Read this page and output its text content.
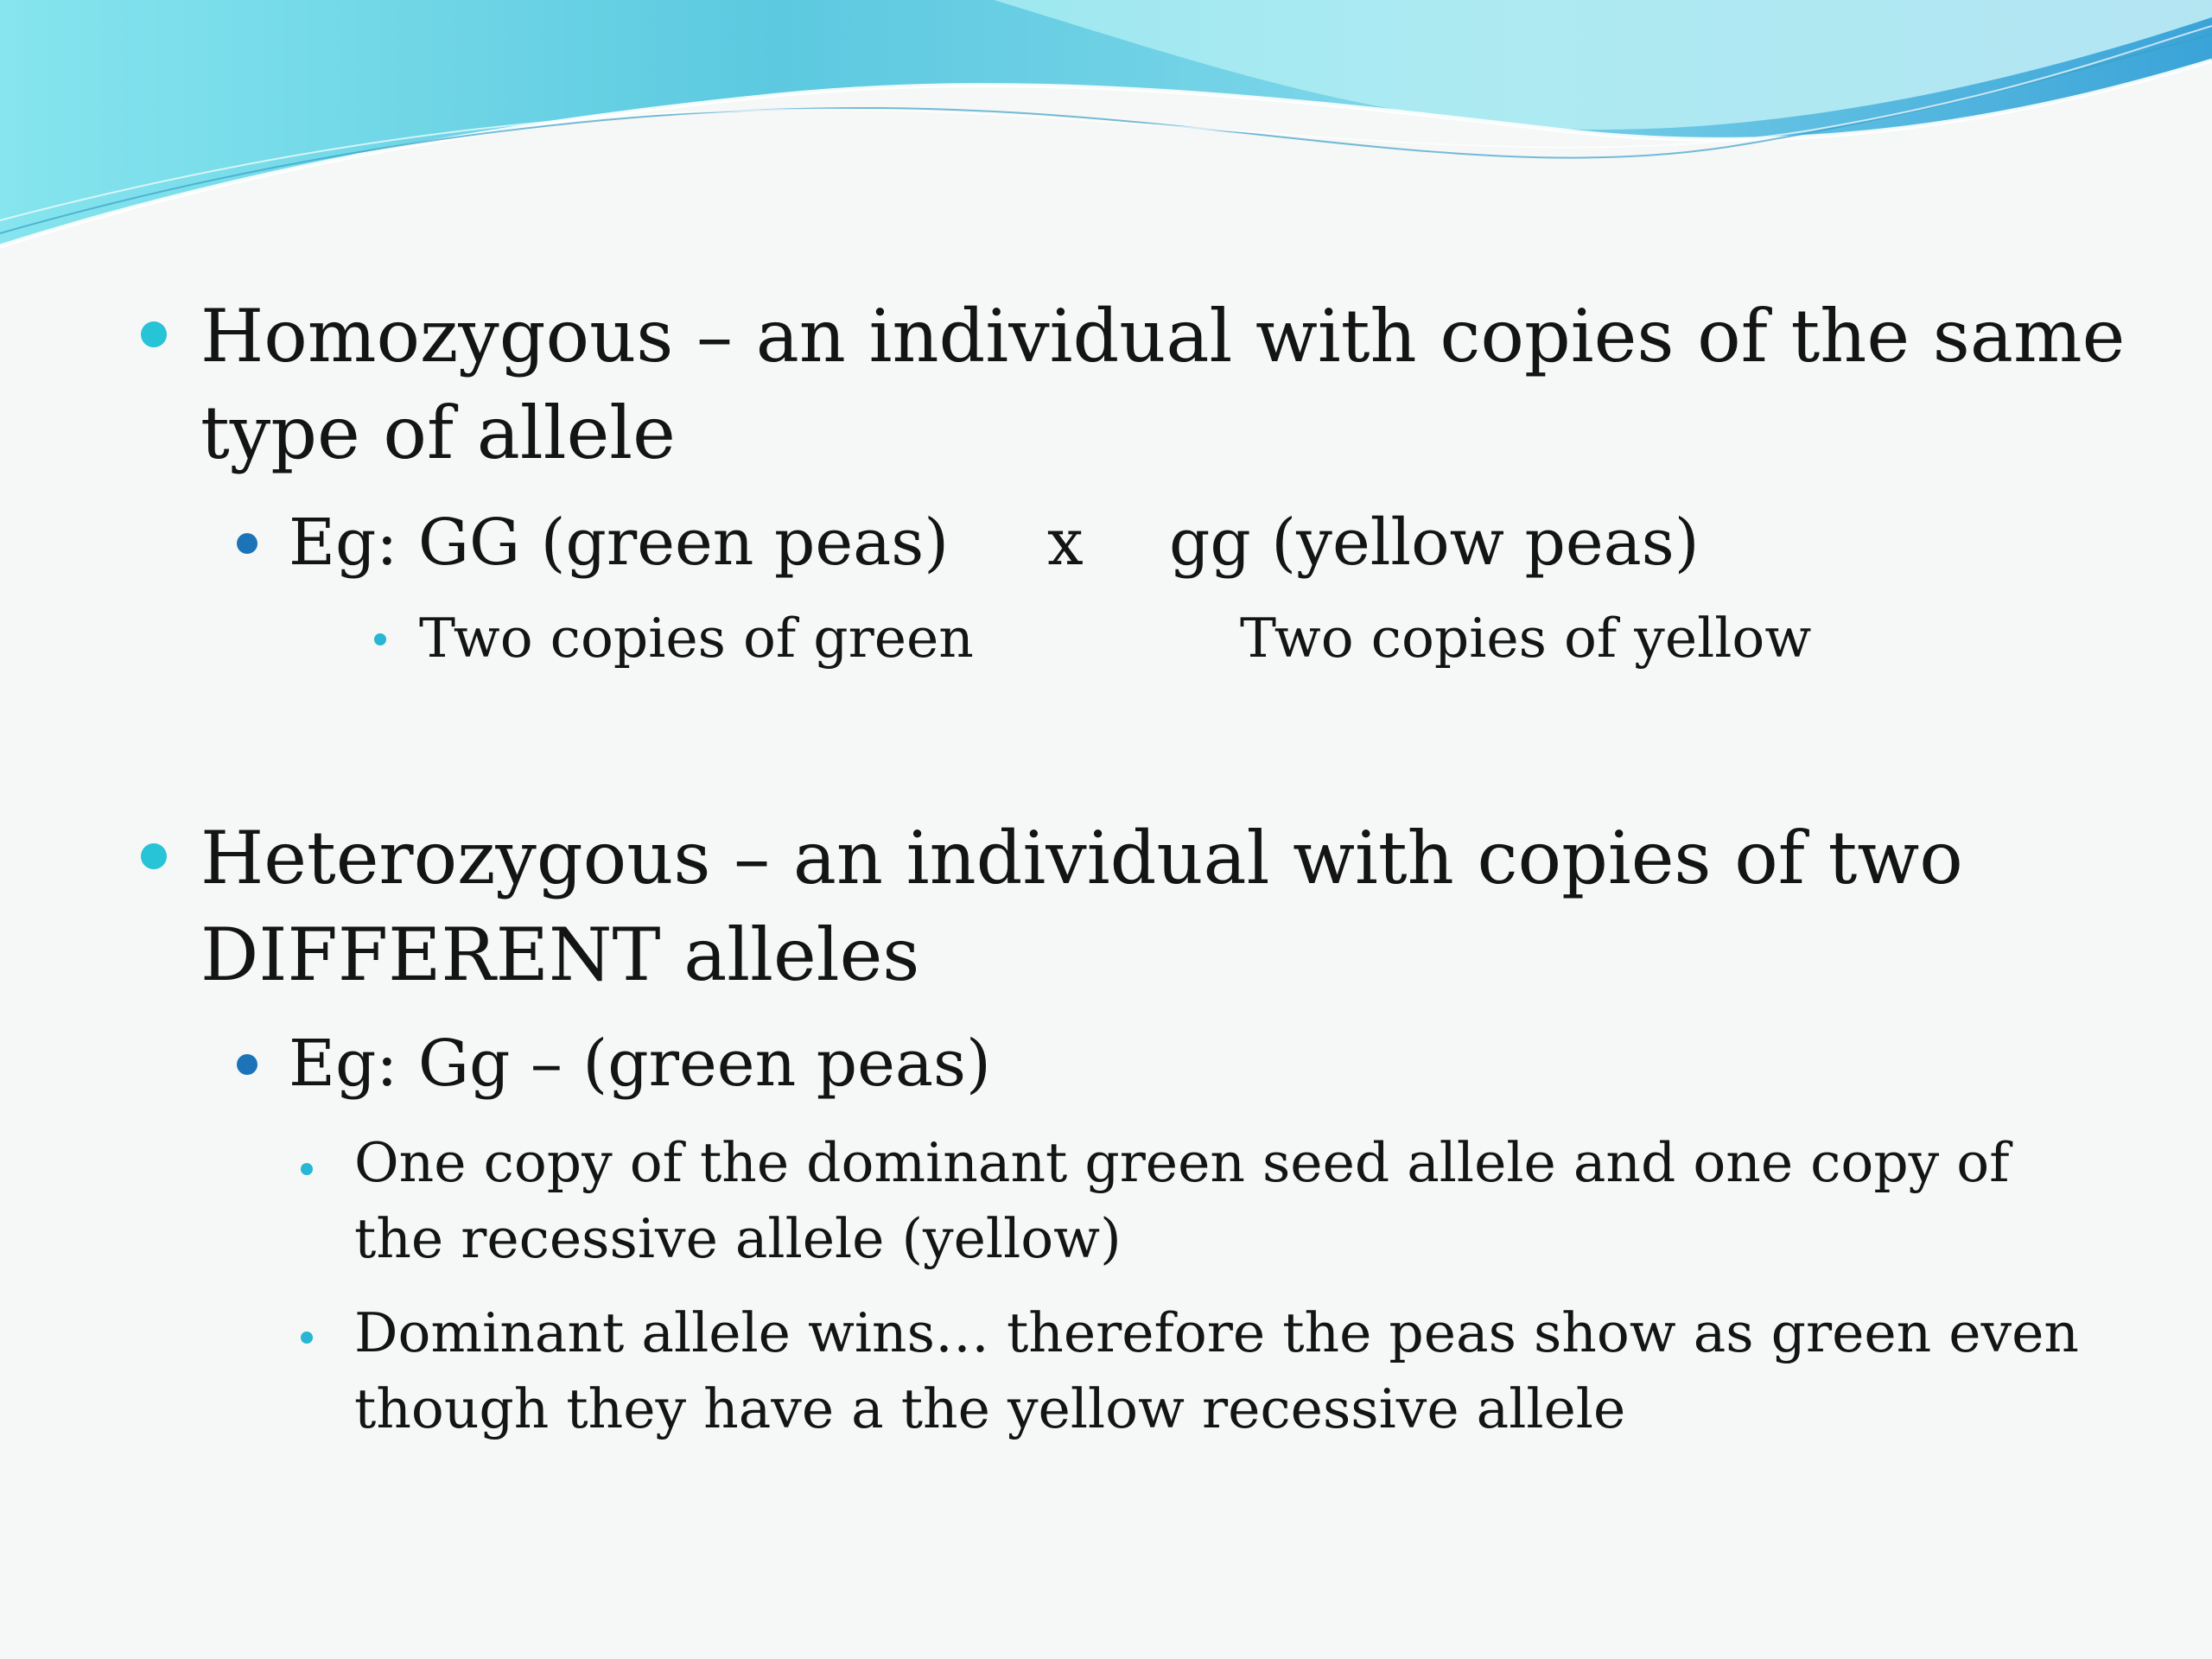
Homozygous – an individual with copies of the same
type of allele
Eg: GG (green peas) x gg (yellow peas)
Two copies of green	Two copies of yellow
Heterozygous – an individual with copies of two
DIFFERENT alleles
Eg: Gg – (green peas)
One copy of the dominant green seed allele and one copy of
the recessive allele (yellow)
Dominant allele wins… therefore the peas show as green even
though they have a the yellow recessive allele
